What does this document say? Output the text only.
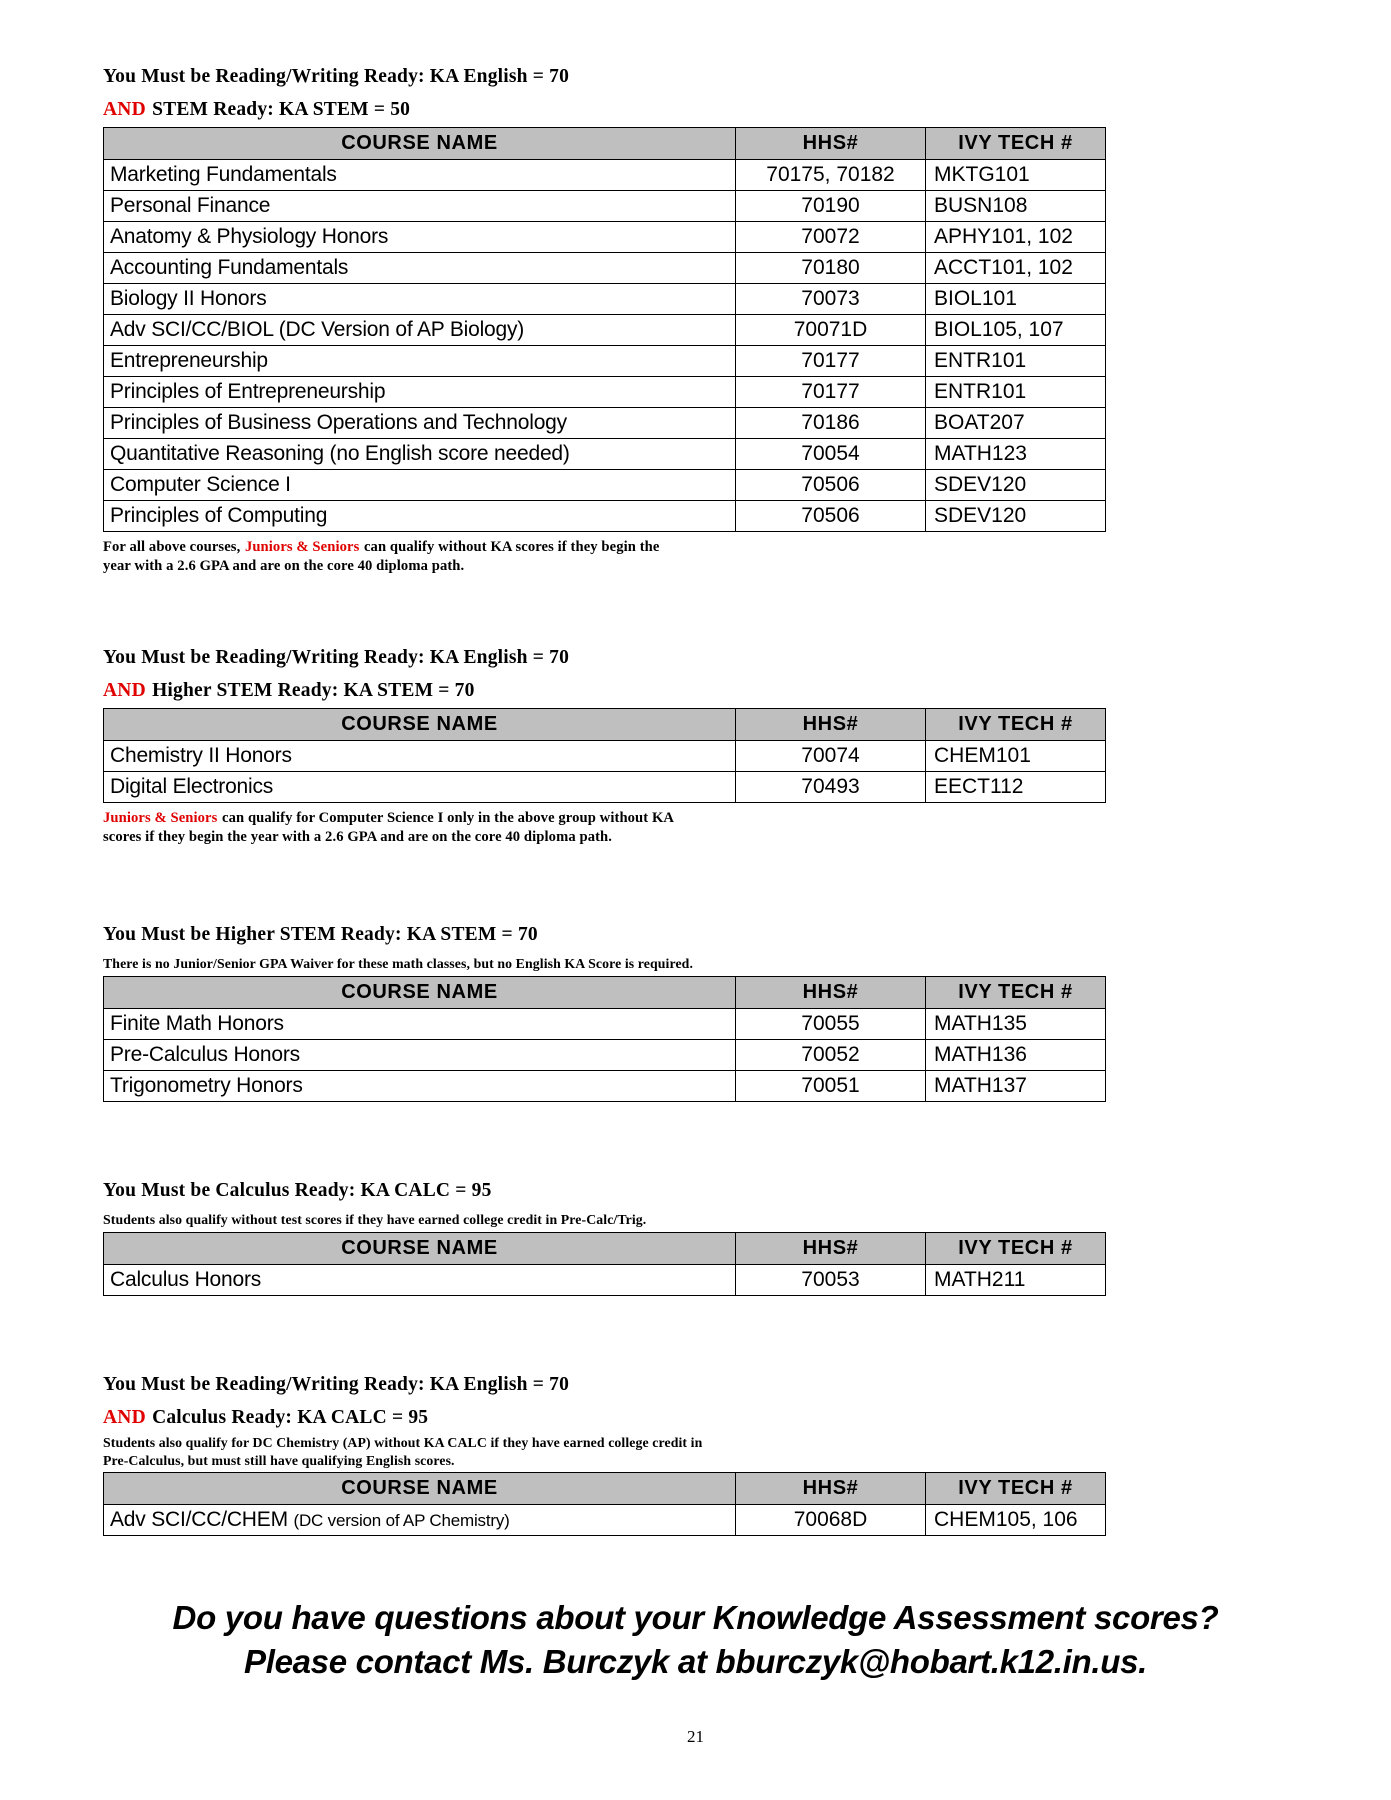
You Must be Reading/Writing Ready: KA English = 70
AND STEM Ready: KA STEM = 50
COURSE NAME	HHS#	IVY TECH #
Marketing Fundamentals	70175, 70182	MKTG101
Personal Finance	70190	BUSN108
Anatomy & Physiology Honors	70072	APHY101, 102
Accounting Fundamentals	70180	ACCT101, 102
Biology II Honors	70073	BIOL101
Adv SCI/CC/BIOL (DC Version of AP Biology)	70071D	BIOL105, 107
Entrepreneurship	70177	ENTR101
Principles of Entrepreneurship	70177	ENTR101
Principles of Business Operations and Technology	70186	BOAT207
Quantitative Reasoning (no English score needed)	70054	MATH123
Computer Science I	70506	SDEV120
Principles of Computing	70506	SDEV120
For all above courses, Juniors & Seniors can qualify without KA scores if they begin the
year with a 2.6 GPA and are on the core 40 diploma path.
You Must be Reading/Writing Ready: KA English = 70
AND Higher STEM Ready: KA STEM = 70
COURSE NAME	HHS#	IVY TECH #
Chemistry II Honors	70074	CHEM101
Digital Electronics	70493	EECT112
Juniors & Seniors can qualify for Computer Science I only in the above group without KA
scores if they begin the year with a 2.6 GPA and are on the core 40 diploma path.
You Must be Higher STEM Ready: KA STEM = 70
There is no Junior/Senior GPA Waiver for these math classes, but no English KA Score is required.
COURSE NAME	HHS#	IVY TECH #
Finite Math Honors	70055	MATH135
Pre-Calculus Honors	70052	MATH136
Trigonometry Honors	70051	MATH137
You Must be Calculus Ready: KA CALC = 95
Students also qualify without test scores if they have earned college credit in Pre-Calc/Trig.
COURSE NAME	HHS#	IVY TECH #
Calculus Honors	70053	MATH211
You Must be Reading/Writing Ready: KA English = 70
AND Calculus Ready: KA CALC = 95
Students also qualify for DC Chemistry (AP) without KA CALC if they have earned college credit in
Pre-Calculus, but must still have qualifying English scores.
COURSE NAME	HHS#	IVY TECH #
Adv SCI/CC/CHEM (DC version of AP Chemistry)	70068D	CHEM105, 106
Do you have questions about your Knowledge Assessment scores?
Please contact Ms. Burczyk at bburczyk@hobart.k12.in.us.
21
